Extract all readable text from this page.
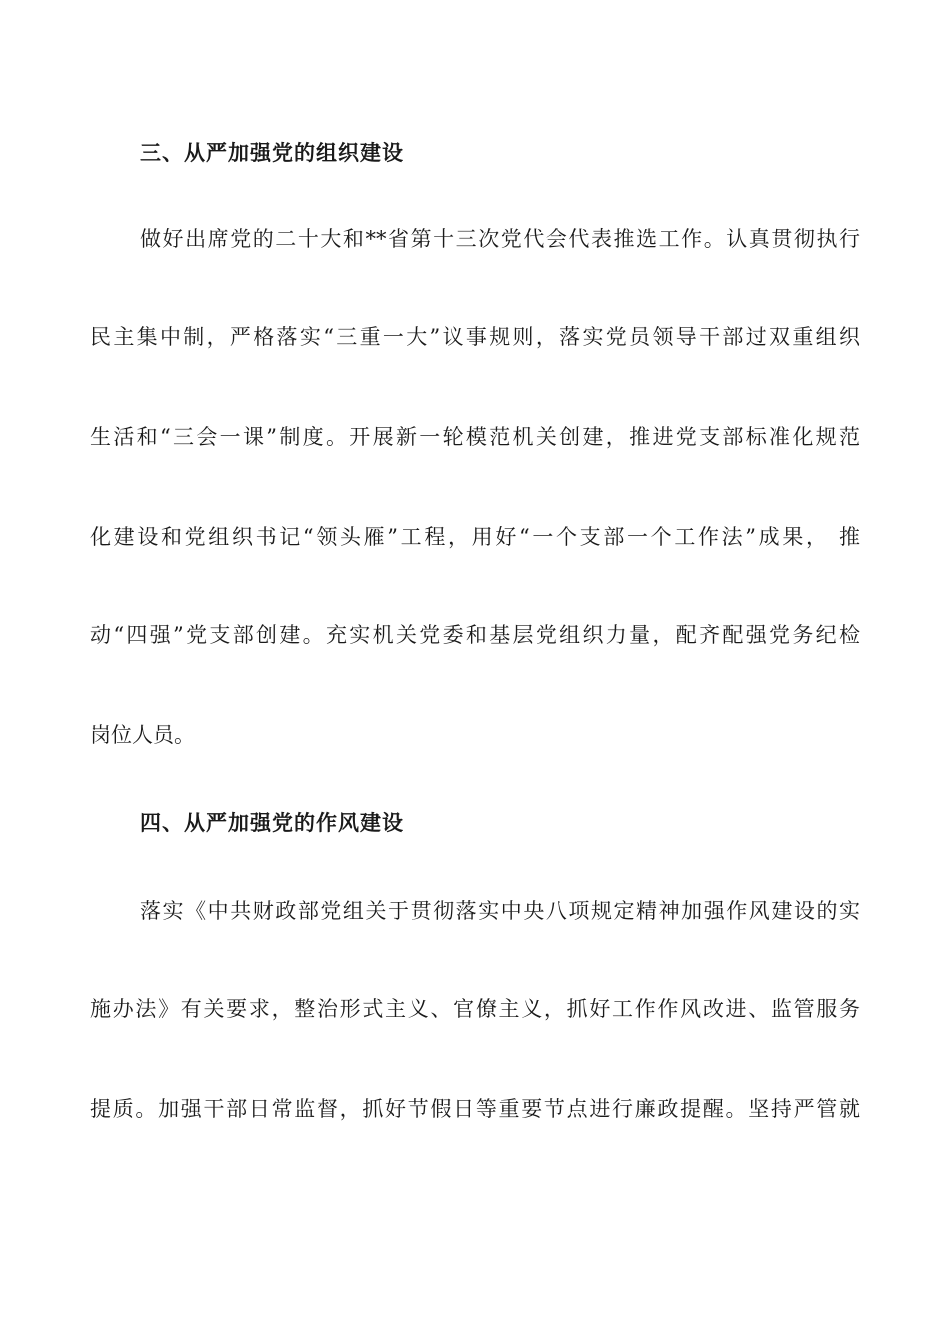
三、从严加强党的组织建设
做好出席党的二十大和**省第十三次党代会代表推选工作。认真贯彻执行
民主集中制，严格落实“三重一大”议事规则，落实党员领导干部过双重组织
生活和“三会一课”制度。开展新一轮模范机关创建，推进党支部标准化规范
化建设和党组织书记“领头雁”工程，用好“一个支部一个工作法”成果， 推
动“四强”党支部创建。充实机关党委和基层党组织力量，配齐配强党务纪检
岗位人员。
四、从严加强党的作风建设
落实《中共财政部党组关于贯彻落实中央八项规定精神加强作风建设的实
施办法》有关要求，整治形式主义、官僚主义，抓好工作作风改进、监管服务
提质。加强干部日常监督，抓好节假日等重要节点进行廉政提醒。坚持严管就
